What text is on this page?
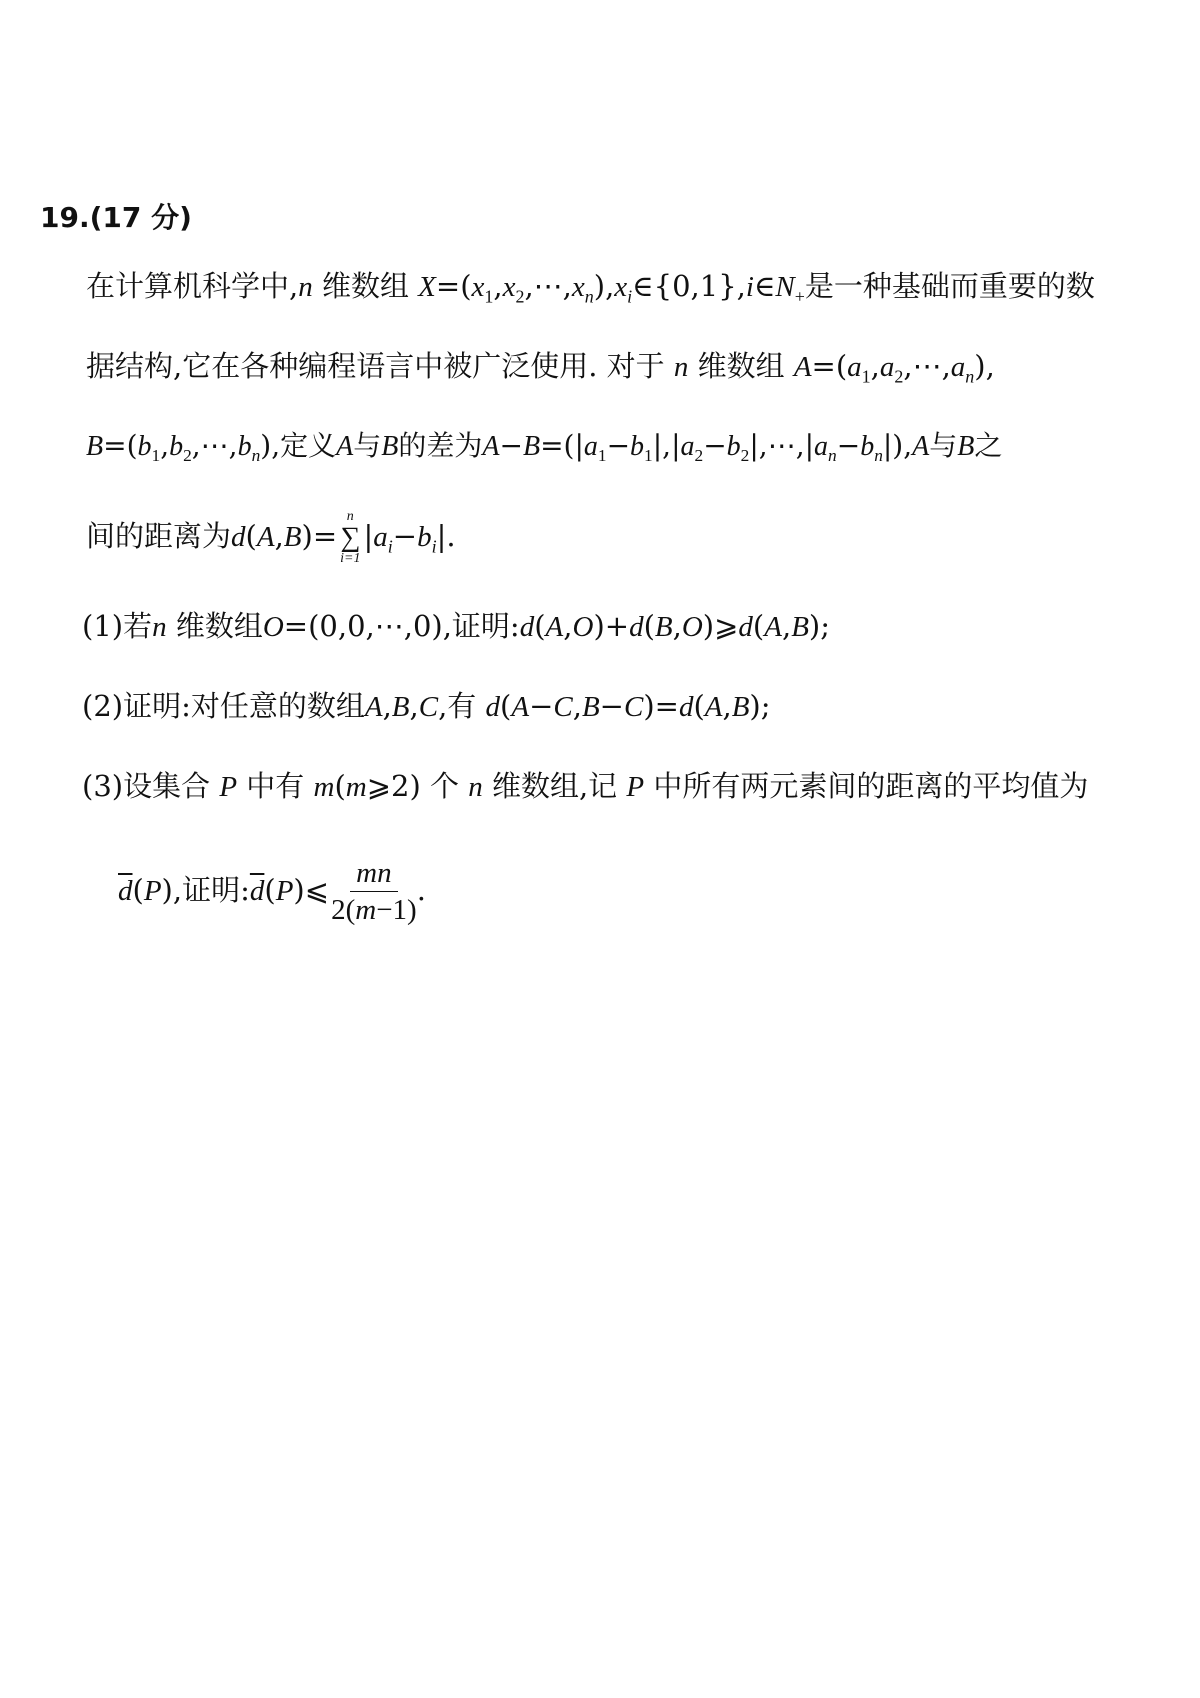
19.(17 分)
在计算机科学中,n 维数组 $X=(x_1,x_2,\cdots,x_n),x_i\in\{0,1\},i\in N_+$是一种基础而重要的数
据结构,它在各种编程语言中被广泛使用. 对于 n 维数组 $A=(a_1,a_2,\cdots,a_n)$,
$B=(b_1,b_2,\cdots,b_n)$,定义A与B的差为$A-B=(|a_1-b_1|,|a_2-b_2|,\cdots,|a_n-b_n|),A$与B之
间的距离为d(A,B)=
n
∑
i=1
$|a_i-b_i|$.
(1)若n 维数组O=(0,0,⋯,0),证明:d(A,O)+d(B,O)⩾d(A,B);
(2)证明:对任意的数组A,B,C,有 d(A−C,B−C)=d(A,B);
(3)设集合 P 中有 m(m⩾2) 个 n 维数组,记 P 中所有两元素间的距离的平均值为
$\overline{d}(P)$,证明$:\overline{d}(P)⩽ \frac{mn}{2(m-1)}$ .
